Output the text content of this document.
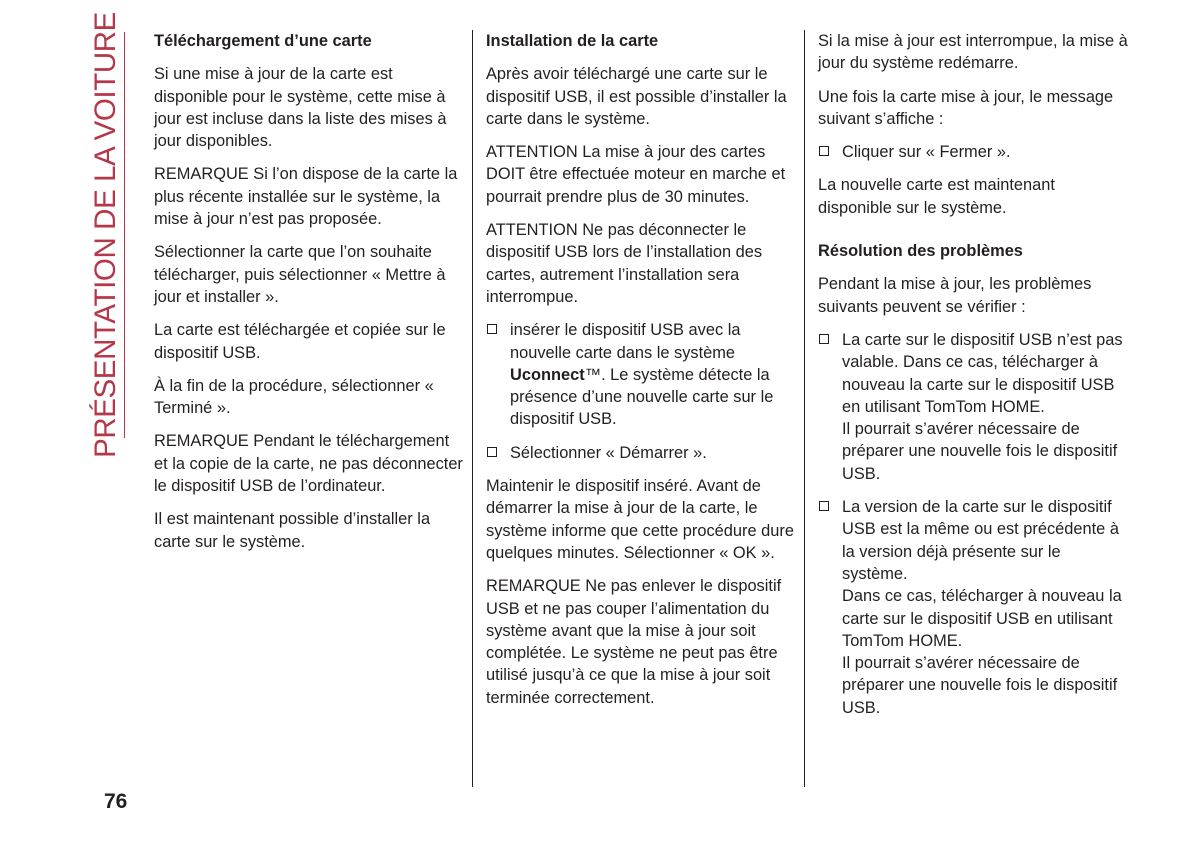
PRÉSENTATION DE LA VOITURE Téléchargement d’une carte

Si une mise à jour de la carte est disponible pour le système, cette mise à jour est incluse dans la liste des mises à jour disponibles.

REMARQUE Si l’on dispose de la carte la plus récente installée sur le système, la mise à jour n’est pas proposée.

Sélectionner la carte que l’on souhaite télécharger, puis sélectionner « Mettre à jour et installer ».

La carte est téléchargée et copiée sur le dispositif USB.

À la fin de la procédure, sélectionner « Terminé ».

REMARQUE Pendant le téléchargement et la copie de la carte, ne pas déconnecter le dispositif USB de l’ordinateur.

Il est maintenant possible d’installer la carte sur le système.

Installation de la carte

Après avoir téléchargé une carte sur le dispositif USB, il est possible d’installer la carte dans le système.

ATTENTION La mise à jour des cartes DOIT être effectuée moteur en marche et pourrait prendre plus de 30 minutes.

ATTENTION Ne pas déconnecter le dispositif USB lors de l’installation des cartes, autrement l’installation sera interrompue.

insérer le dispositif USB avec la nouvelle carte dans le système Uconnect™. Le système détecte la présence d’une nouvelle carte sur le dispositif USB.
Sélectionner « Démarrer ».

Maintenir le dispositif inséré. Avant de démarrer la mise à jour de la carte, le système informe que cette procédure dure quelques minutes. Sélectionner « OK ».

REMARQUE Ne pas enlever le dispositif USB et ne pas couper l’alimentation du système avant que la mise à jour soit complétée. Le système ne peut pas être utilisé jusqu’à ce que la mise à jour soit terminée correctement.

Si la mise à jour est interrompue, la mise à jour du système redémarre.

Une fois la carte mise à jour, le message suivant s’affiche :

Cliquer sur « Fermer ».

La nouvelle carte est maintenant disponible sur le système.

Résolution des problèmes

Pendant la mise à jour, les problèmes suivants peuvent se vérifier :

La carte sur le dispositif USB n’est pas valable. Dans ce cas, télécharger à nouveau la carte sur le dispositif USB en utilisant TomTom HOME.
Il pourrait s’avérer nécessaire de préparer une nouvelle fois le dispositif USB.
La version de la carte sur le dispositif USB est la même ou est précédente à la version déjà présente sur le système.
Dans ce cas, télécharger à nouveau la carte sur le dispositif USB en utilisant TomTom HOME.
Il pourrait s’avérer nécessaire de préparer une nouvelle fois le dispositif USB.
76
